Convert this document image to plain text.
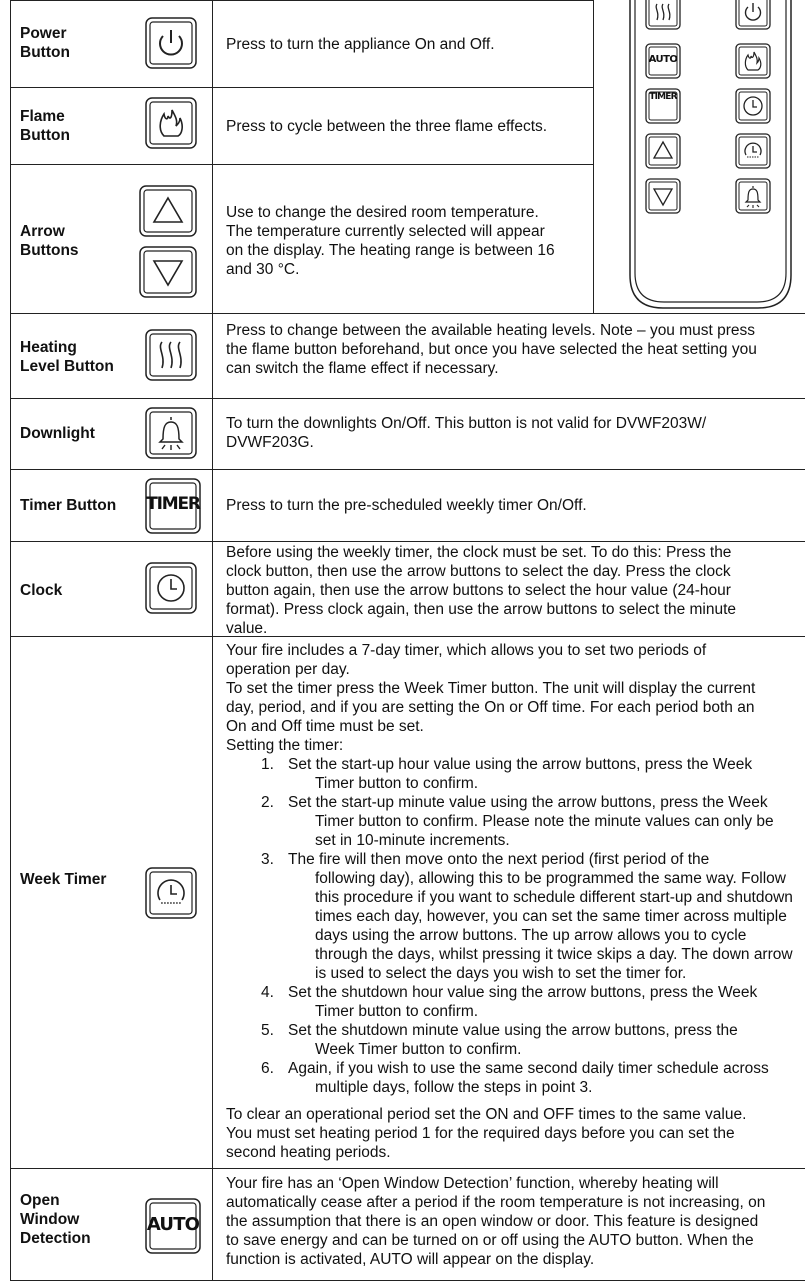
Power
Button	Press to turn the appliance On and Off.
Flame
Button
Press to cycle between the three flame effects.
Arrow
Buttons
Use to change the desired room temperature.
The temperature currently selected will appear
on the display. The heating range is between 16
and 30 °C.
AUTO
TIMER
Heating
Level Button
Press to change between the available heating levels. Note – you must press
the flame button beforehand, but once you have selected the heat setting you
can switch the flame effect if necessary.
Downlight
To turn the downlights On/Off. This button is not valid for DVWF203W/
DVWF203G.
Timer Button TIMER Press to turn the pre-scheduled weekly timer On/Off.
Clock
Before using the weekly timer, the clock must be set. To do this: Press the
clock button, then use the arrow buttons to select the day. Press the clock
button again, then use the arrow buttons to select the hour value (24-hour
format). Press clock again, then use the arrow buttons to select the minute
value.
Week Timer
Your fire includes a 7-day timer, which allows you to set two periods of
operation per day.
To set the timer press the Week Timer button. The unit will display the current
day, period, and if you are setting the On or Off time. For each period both an
On and Off time must be set.
Setting the timer:
1. Set the start-up hour value using the arrow buttons, press the Week
Timer button to confirm.
2. Set the start-up minute value using the arrow buttons, press the Week
Timer button to confirm. Please note the minute values can only be
set in 10-minute increments.
3. The fire will then move onto the next period (first period of the
following day), allowing this to be programmed the same way. Follow
this procedure if you want to schedule different start-up and shutdown
times each day, however, you can set the same timer across multiple
days using the arrow buttons. The up arrow allows you to cycle
through the days, whilst pressing it twice skips a day. The down arrow
is used to select the days you wish to set the timer for.
4. Set the shutdown hour value sing the arrow buttons, press the Week
Timer button to confirm.
5. Set the shutdown minute value using the arrow buttons, press the
Week Timer button to confirm.
6. Again, if you wish to use the same second daily timer schedule across
multiple days, follow the steps in point 3.
To clear an operational period set the ON and OFF times to the same value.
You must set heating period 1 for the required days before you can set the
second heating periods.
Open
Window
Detection
AUTO
Your fire has an ‘Open Window Detection’ function, whereby heating will
automatically cease after a period if the room temperature is not increasing, on
the assumption that there is an open window or door. This feature is designed
to save energy and can be turned on or off using the AUTO button. When the
function is activated, AUTO will appear on the display.
